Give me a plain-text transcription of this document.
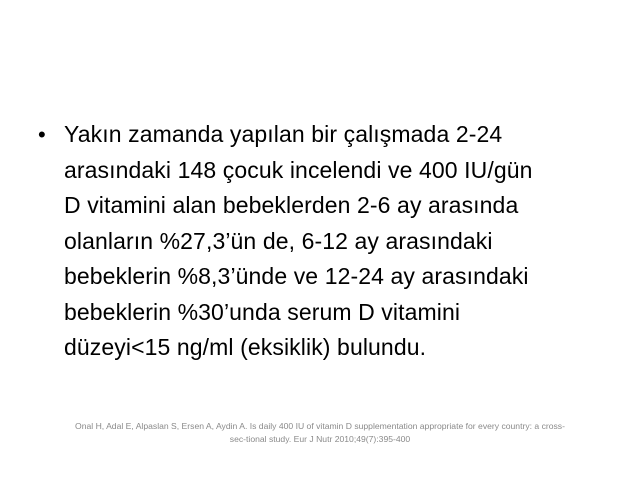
• Yakın zamanda yapılan bir çalışmada 2-24
arasındaki 148 çocuk incelendi ve 400 IU/gün
D vitamini alan bebeklerden 2-6 ay arasında
olanların %27,3’ün de, 6-12 ay arasındaki
bebeklerin %8,3’ünde ve 12-24 ay arasındaki
bebeklerin %30’unda serum D vitamini
düzeyi<15 ng/ml (eksiklik) bulundu.
Onal H, Adal E, Alpaslan S, Ersen A, Aydin A. Is daily 400 IU of vitamin D supplementation appropriate for every country: a cross-
sec-tional study. Eur J Nutr 2010;49(7):395-400
